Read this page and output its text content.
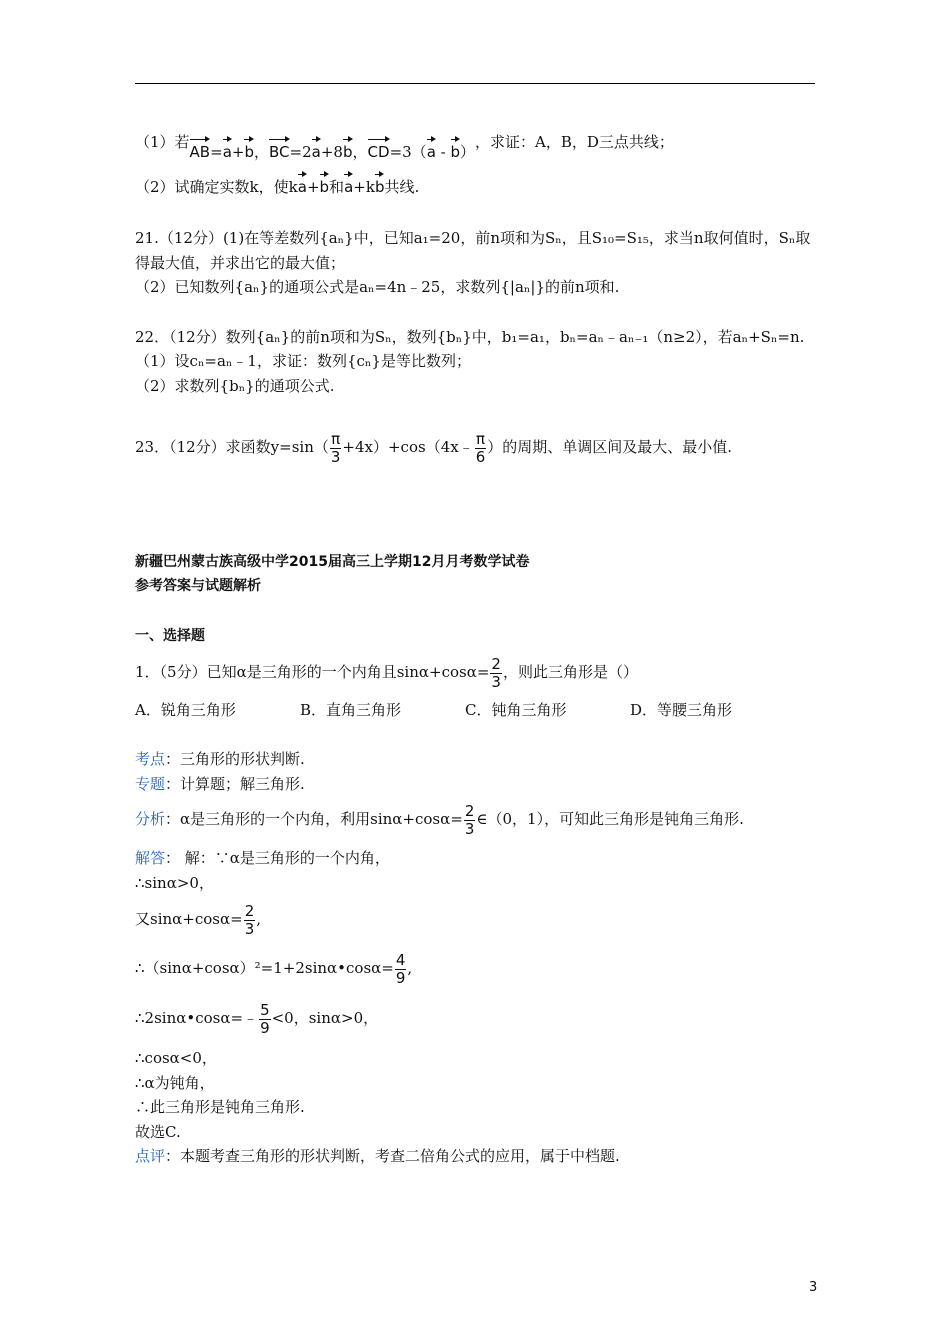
（1）若AB=a+b，BC=2a+8b，CD=3（a - b），求证：A，B，D三点共线；
（2）试确定实数k，使ka+b和a+kb共线.
21.（12分）(1)在等差数列{aₙ}中，已知a₁=20，前n项和为Sₙ，且S₁₀=S₁₅，求当n取何值时，Sₙ取
得最大值，并求出它的最大值；
（2）已知数列{aₙ}的通项公式是aₙ=4n﹣25，求数列{|aₙ|}的前n项和.
22．（12分）数列{aₙ}的前n项和为Sₙ，数列{bₙ}中，b₁=a₁，bₙ=aₙ﹣aₙ₋₁（n≥2），若aₙ+Sₙ=n.
（1）设cₙ=aₙ﹣1，求证：数列{cₙ}是等比数列；
（2）求数列{bₙ}的通项公式.
23．（12分）求函数$y=\sin( \frac{\pi}{3}$ +4x）+cos（4x﹣ $\frac{\pi}{6}$ ）的周期、单调区间及最大、最小值.
新疆巴州蒙古族高级中学2015届高三上学期12月月考数学试卷
参考答案与试题解析
一、选择题
1．（5分）已知α是三角形的一个内角且$\sin\alpha+\cos\alpha= \frac{2}{3}$ ，则此三角形是（）
A．锐角三角形	B．直角三角形	C．钝角三角形	D．等腰三角形
考点：三角形的形状判断.
专题：计算题；解三角形.
分析：α是三角形的一个内角，利用$\sin\alpha+\cos\alpha= \frac{2}{3}$ ∈（0，1），可知此三角形是钝角三角形.
解答： 解：∵α是三角形的一个内角，
∴sinα>0，
又$\sin\alpha+\cos\alpha= \frac{2}{3}$ ,
∴（sinα+cosα）²=1+2sinα•cosα= $\frac{4}{9}$ ,
∴2sinα•cosα=﹣ $\frac{5}{9} <0$，sinα>0，
∴cosα<0，
∴α为钝角，
∴此三角形是钝角三角形.
故选C.
点评：本题考查三角形的形状判断，考查二倍角公式的应用，属于中档题.
3
